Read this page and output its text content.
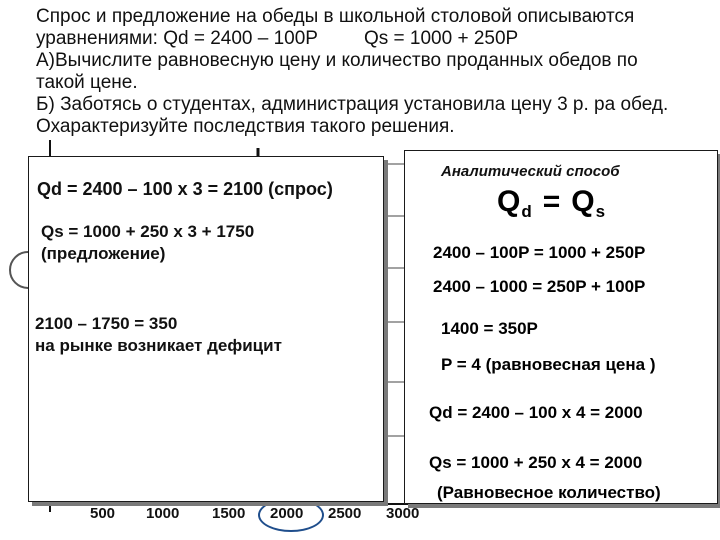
Спрос и предложение на обеды в школьной столовой описываются
уравнениями: Qd = 2400 – 100P Qs = 1000 + 250P
А)Вычислите равновесную цену и количество проданных обедов по
такой цене.
Б) Заботясь о студентах, администрация установила цену 3 р. ра обед.
Охарактеризуйте последствия такого решения.
500 1000 1500 2000 2500 3000
Qd = 2400 – 100 х 3 = 2100 (спрос)
Qs = 1000 + 250 х 3 + 1750
(предложение)
2100 – 1750 = 350
на рынке возникает дефицит
Аналитический способ
$Q_d = Q_s$
2400 – 100P = 1000 + 250P
2400 – 1000 = 250P + 100P
1400 = 350P
P = 4 (равновесная цена )
Qd = 2400 – 100 х 4 = 2000
Qs = 1000 + 250 х 4 = 2000
(Равновесное количество)
